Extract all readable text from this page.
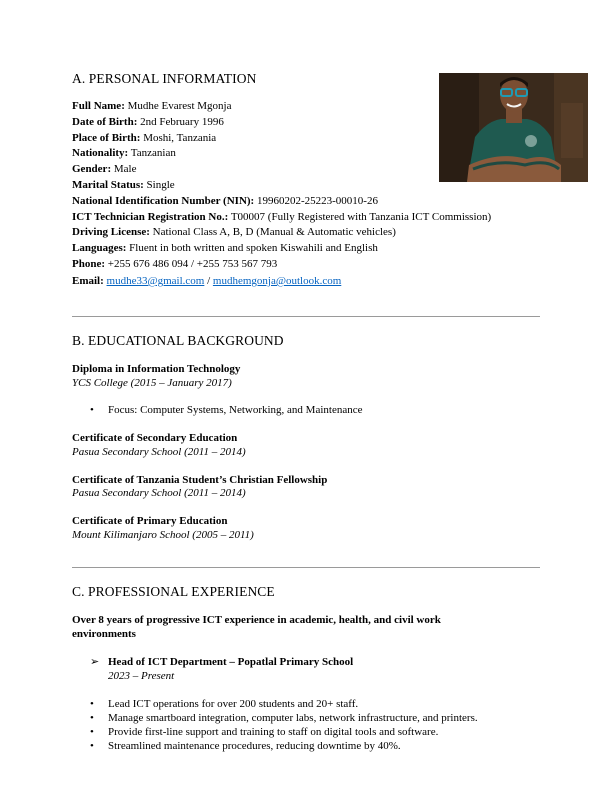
A. PERSONAL INFORMATION
Full Name: Mudhe Evarest Mgonja
Date of Birth: 2nd February 1996
Place of Birth: Moshi, Tanzania
Nationality: Tanzanian
Gender: Male
Marital Status: Single
National Identification Number (NIN): 19960202-25223-00010-26
ICT Technician Registration No.: T00007 (Fully Registered with Tanzania ICT Commission)
Driving License: National Class A, B, D (Manual & Automatic vehicles)
Languages: Fluent in both written and spoken Kiswahili and English
Phone: +255 676 486 094 / +255 753 567 793
Email: mudhe33@gmail.com / mudhemgonja@outlook.com
B. EDUCATIONAL BACKGROUND
Diploma in Information Technology
YCS College (2015 – January 2017)
• Focus: Computer Systems, Networking, and Maintenance
Certificate of Secondary Education
Pasua Secondary School (2011 – 2014)
Certificate of Tanzania Student’s Christian Fellowship
Pasua Secondary School (2011 – 2014)
Certificate of Primary Education
Mount Kilimanjaro School (2005 – 2011)
C. PROFESSIONAL EXPERIENCE
Over 8 years of progressive ICT experience in academic, health, and civil work
environments
➢ Head of ICT Department – Popatlal Primary School
2023 – Present
• Lead ICT operations for over 200 students and 20+ staff.
• Manage smartboard integration, computer labs, network infrastructure, and printers.
• Provide first-line support and training to staff on digital tools and software.
• Streamlined maintenance procedures, reducing downtime by 40%.
